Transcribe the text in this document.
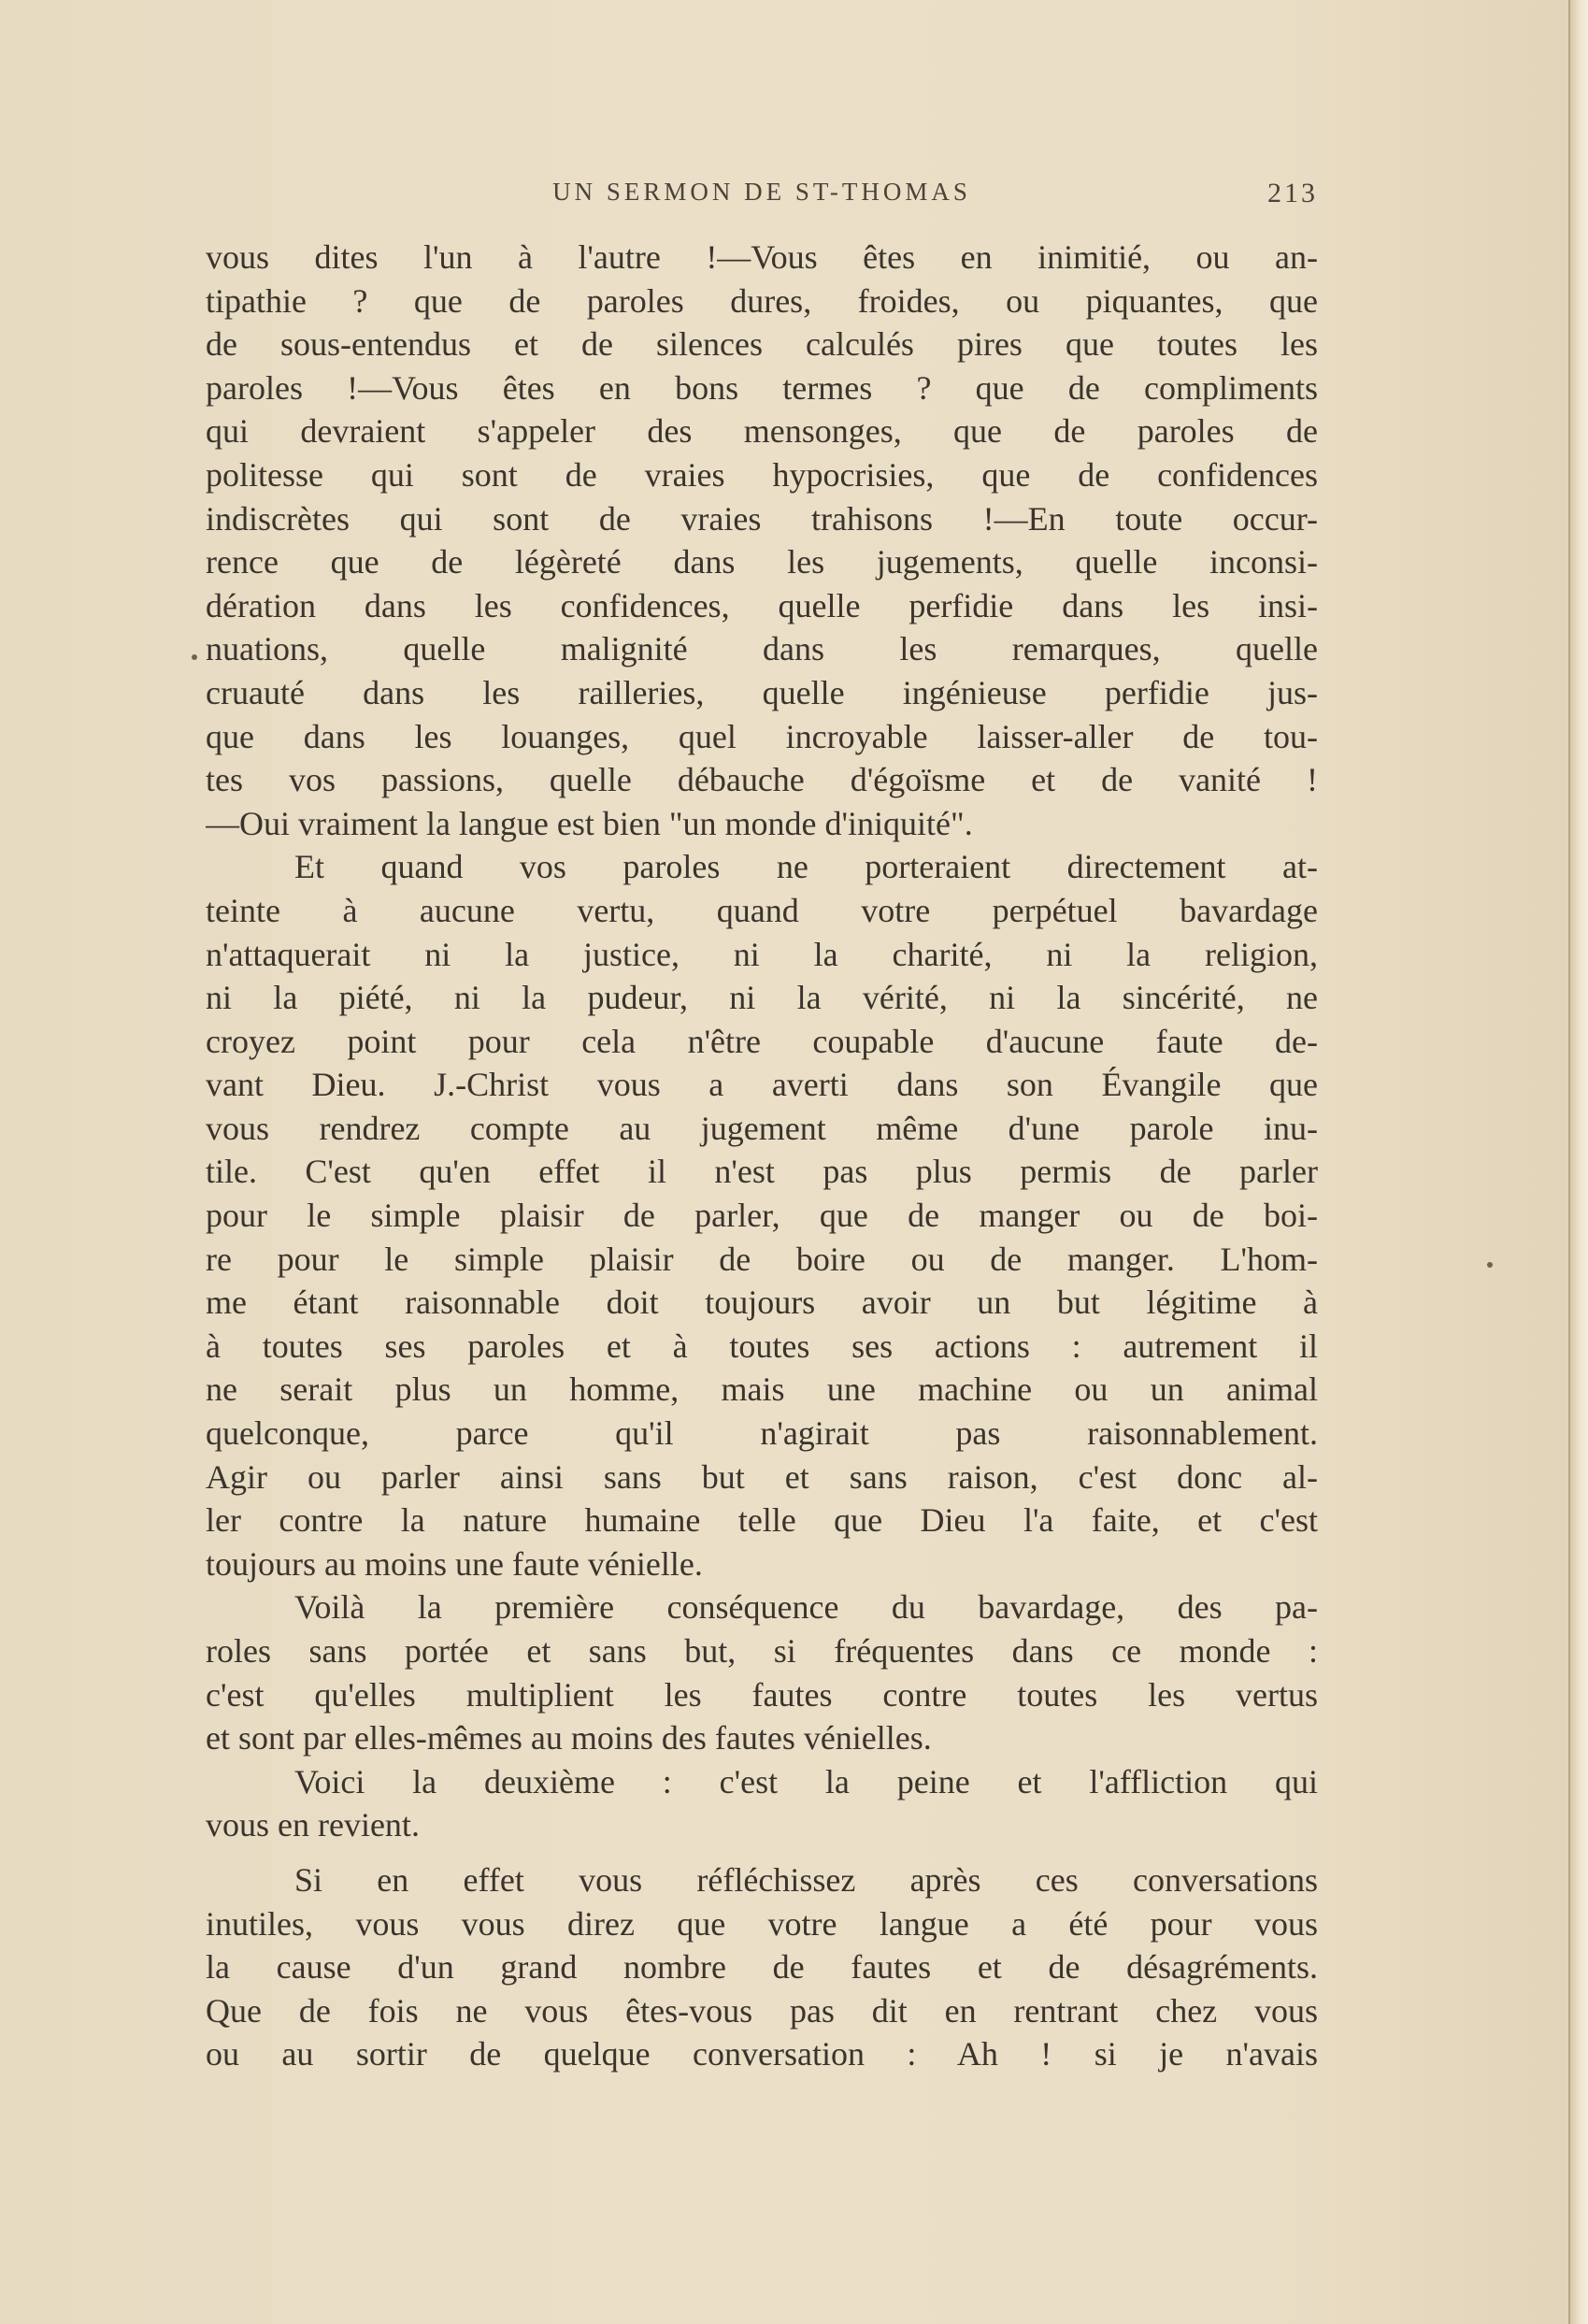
UN SERMON DE ST-THOMAS	213
vous dites l'un à l'autre !—Vous êtes en inimitié, ou an-
tipathie ? que de paroles dures, froides, ou piquantes, que
de sous-entendus et de silences calculés pires que toutes les
paroles !—Vous êtes en bons termes ? que de compliments
qui devraient s'appeler des mensonges, que de paroles de
politesse qui sont de vraies hypocrisies, que de confidences
indiscrètes qui sont de vraies trahisons !—En toute occur-
rence que de légèreté dans les jugements, quelle inconsi-
dération dans les confidences, quelle perfidie dans les insi-
nuations, quelle malignité dans les remarques, quelle
cruauté dans les railleries, quelle ingénieuse perfidie jus-
que dans les louanges, quel incroyable laisser-aller de tou-
tes vos passions, quelle débauche d'égoïsme et de vanité !
—Oui vraiment la langue est bien "un monde d'iniquité".
Et quand vos paroles ne porteraient directement at-
teinte à aucune vertu, quand votre perpétuel bavardage
n'attaquerait ni la justice, ni la charité, ni la religion,
ni la piété, ni la pudeur, ni la vérité, ni la sincérité, ne
croyez point pour cela n'être coupable d'aucune faute de-
vant Dieu. J.-Christ vous a averti dans son Évangile que
vous rendrez compte au jugement même d'une parole inu-
tile. C'est qu'en effet il n'est pas plus permis de parler
pour le simple plaisir de parler, que de manger ou de boi-
re pour le simple plaisir de boire ou de manger. L'hom-
me étant raisonnable doit toujours avoir un but légitime à
à toutes ses paroles et à toutes ses actions : autrement il
ne serait plus un homme, mais une machine ou un animal
quelconque, parce qu'il n'agirait pas raisonnablement.
Agir ou parler ainsi sans but et sans raison, c'est donc al-
ler contre la nature humaine telle que Dieu l'a faite, et c'est
toujours au moins une faute vénielle.
Voilà la première conséquence du bavardage, des pa-
roles sans portée et sans but, si fréquentes dans ce monde :
c'est qu'elles multiplient les fautes contre toutes les vertus
et sont par elles-mêmes au moins des fautes vénielles.
Voici la deuxième : c'est la peine et l'affliction qui
vous en revient.
Si en effet vous réfléchissez après ces conversations
inutiles, vous vous direz que votre langue a été pour vous
la cause d'un grand nombre de fautes et de désagréments.
Que de fois ne vous êtes-vous pas dit en rentrant chez vous
ou au sortir de quelque conversation : Ah ! si je n'avais
